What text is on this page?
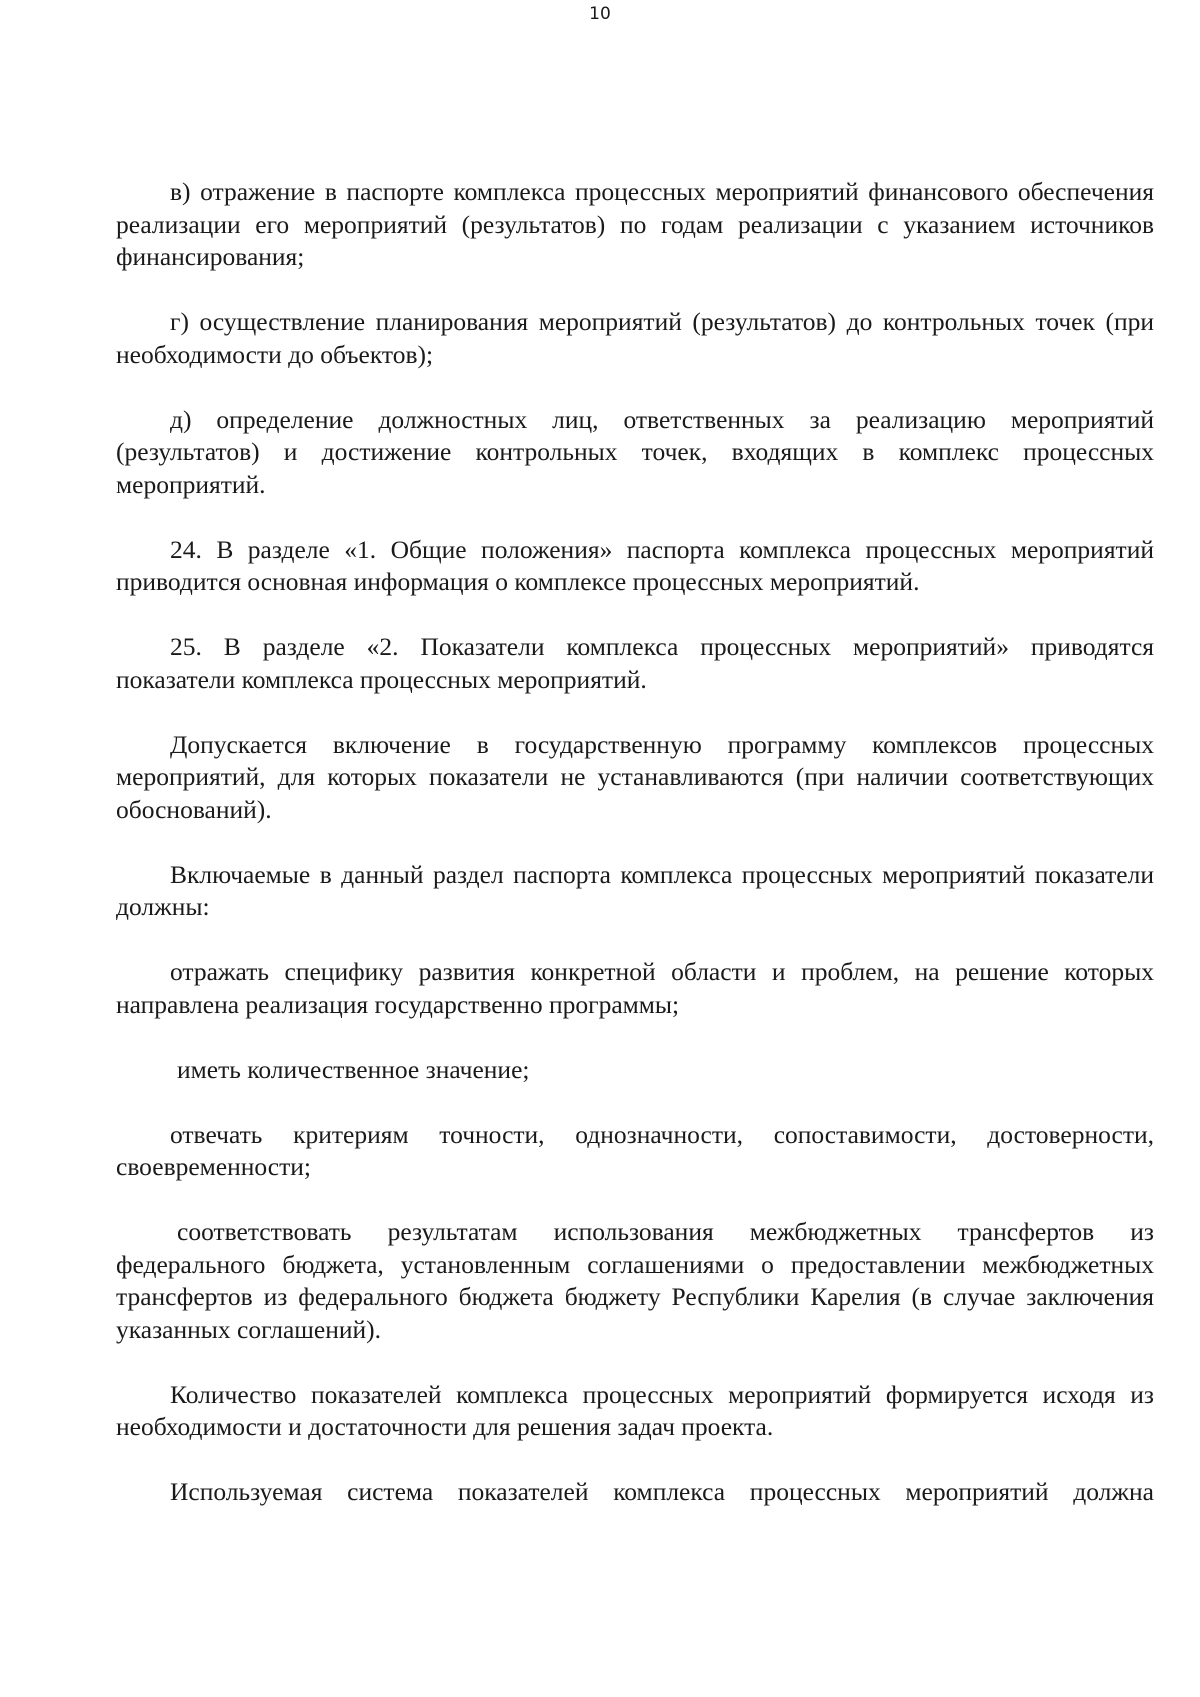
10

в) отражение в паспорте комплекса процессных мероприятий финансового обеспечения реализации его мероприятий (результатов) по годам реализации с указанием источников финансирования;

г) осуществление планирования мероприятий (результатов) до контрольных точек (при необходимости до объектов);

д) определение должностных лиц, ответственных за реализацию мероприятий (результатов) и достижение контрольных точек, входящих в комплекс процессных мероприятий.

24. В разделе «1. Общие положения» паспорта комплекса процессных мероприятий приводится основная информация о комплексе процессных мероприятий.

25. В разделе «2. Показатели комплекса процессных мероприятий» приводятся показатели комплекса процессных мероприятий.

Допускается включение в государственную программу комплексов процессных мероприятий, для которых показатели не устанавливаются (при наличии соответствующих обоснований).

Включаемые в данный раздел паспорта комплекса процессных мероприятий показатели должны:

отражать специфику развития конкретной области и проблем, на решение которых направлена реализация государственно программы;

иметь количественное значение;

отвечать критериям точности, однозначности, сопоставимости, достоверности, своевременности;

соответствовать результатам использования межбюджетных трансфертов из федерального бюджета, установленным соглашениями о предоставлении межбюджетных трансфертов из федерального бюджета бюджету Республики Карелия (в случае заключения указанных соглашений).

Количество показателей комплекса процессных мероприятий формируется исходя из необходимости и достаточности для решения задач проекта.

Используемая система показателей комплекса процессных мероприятий должна
